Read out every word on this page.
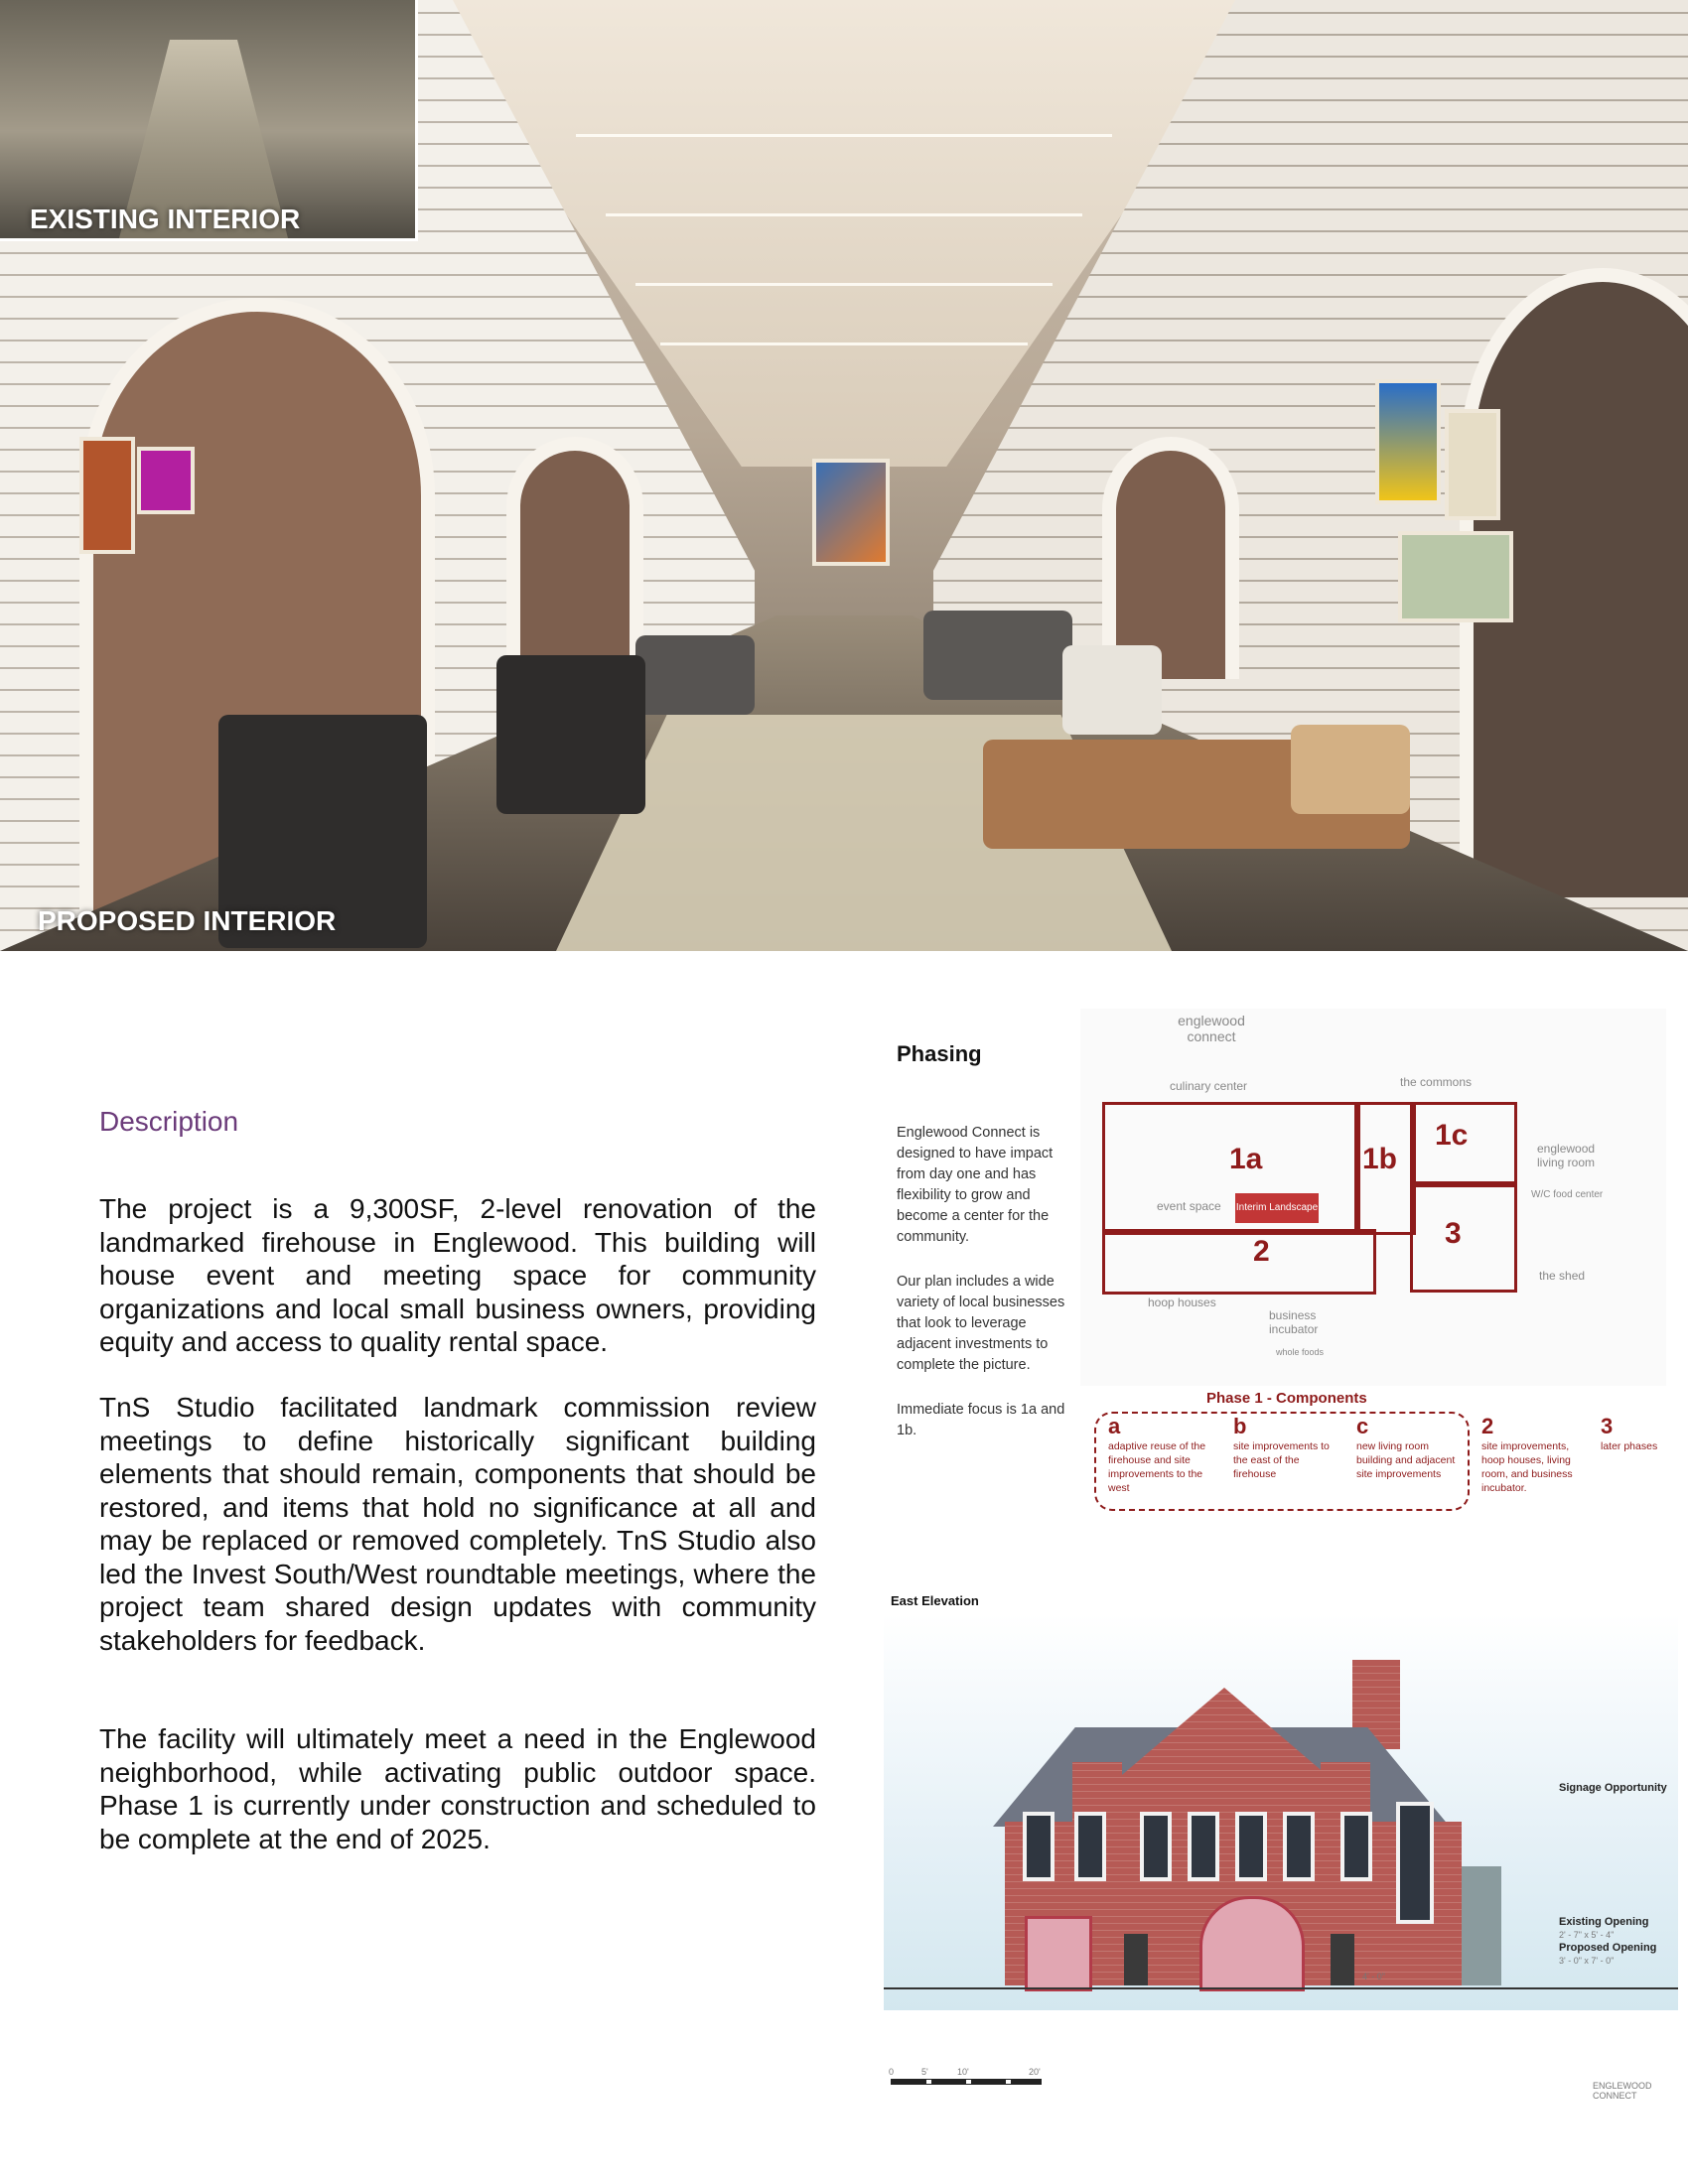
EXISTING INTERIOR
PROPOSED INTERIOR
Description

The project is a 9,300SF, 2-level renovation of the landmarked firehouse in Englewood. This building will house event and meeting space for community organizations and local small business owners, providing equity and access to quality rental space.

TnS Studio facilitated landmark commission review meetings to define historically significant building elements that should remain, components that should be restored, and items that hold no significance at all and may be replaced or removed completely. TnS Studio also led the Invest South/West roundtable meetings, where the project team shared design updates with community stakeholders for feedback.

The facility will ultimately meet a need in the Englewood neighborhood, while activating public outdoor space. Phase 1 is currently under construction and scheduled to be complete at the end of 2025.

Phasing

Englewood Connect is designed to have impact from day one and has flexibility to grow and become a center for the community.

Our plan includes a wide variety of local businesses that look to leverage adjacent investments to complete the picture.

Immediate focus is 1a and 1b.

englewood connect
culinary center	the commons
englewood living room
W/C food center
event space
hoop houses
business incubator
whole foods
the shed
Interim Landscape
1a	1b
1c
2
3
Phase 1 - Components
a
adaptive reuse of the firehouse and site improvements to the west
b
site improvements to the east of the firehouse
c
new living room building and adjacent site improvements
2
site improvements, hoop houses, living room, and business incubator.
3
later phases
East Elevation
4' - 0"
Signage Opportunity
Existing Opening
2' - 7" x 5' - 4"
Proposed Opening
3' - 0" x 7' - 0"
0	5'	10'	20'
ENGLEWOOD CONNECT
